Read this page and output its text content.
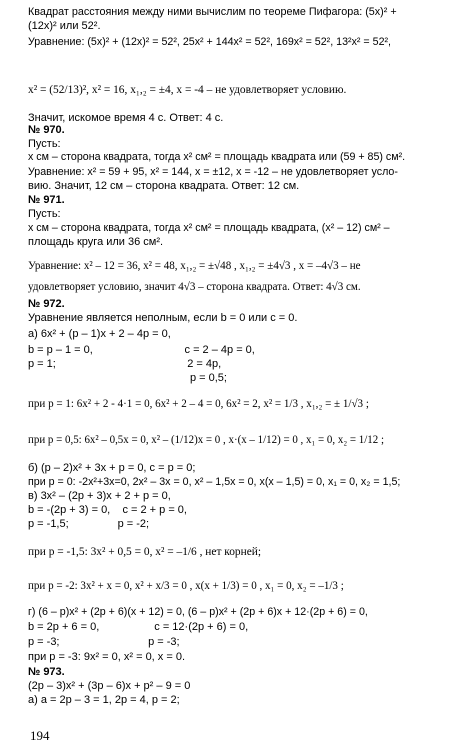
Квадрат расстояния между ними вычислим по теореме Пифагора: (5x)² +
(12x)² или 52².
Уравнение: (5x)² + (12x)² = 52², 25x² + 144x² = 52², 169x² = 52², 13²x² = 52²,
x² = (52/13)², x² = 16, x₁,₂ = ±4, x = -4 – не удовлетворяет условию.
Значит, искомое время 4 с. Ответ: 4 с.
№ 970.
Пусть:
x см – сторона квадрата, тогда x² см² = площадь квадрата или (59 + 85) см².
Уравнение: x² = 59 + 95, x² = 144, x = ±12, x = -12 – не удовлетворяет усло-
вию. Значит, 12 см – сторона квадрата. Ответ: 12 см.
№ 971.
Пусть:
x см – сторона квадрата, тогда x² см² = площадь квадрата, (x² – 12) см² –
площадь круга или 36 см².
Уравнение: x² – 12 = 36, x² = 48, x₁,₂ = ±√48 , x₁,₂ = ±4√3 , x = –4√3 – не
удовлетворяет условию, значит 4√3 – сторона квадрата. Ответ: 4√3 см.
№ 972.
Уравнение является неполным, если b = 0 или c = 0.
а) 6x² + (p – 1)x + 2 – 4p = 0,
b = p – 1 = 0,                              c = 2 – 4p = 0,
p = 1;                                           2 = 4p,
p = 0,5;
при p = 1: 6x² + 2 - 4·1 = 0, 6x² + 2 – 4 = 0, 6x² = 2, x² = 1/3 , x₁,₂ = ± 1/√3 ;
при p = 0,5: 6x² – 0,5x = 0, x² – (1/12)x = 0 , x·(x – 1/12) = 0 , x₁ = 0, x₂ = 1/12 ;
б) (p – 2)x² + 3x + p = 0, c = p = 0;
при p = 0: -2x²+3x=0, 2x² – 3x = 0, x² – 1,5x = 0, x(x – 1,5) = 0, x₁ = 0, x₂ = 1,5;
в) 3x² – (2p + 3)x + 2 + p = 0,
b = -(2p + 3) = 0,    c = 2 + p = 0,
p = -1,5;                p = -2;
при p = -1,5: 3x² + 0,5 = 0, x² = –1/6 , нет корней;
при p = -2: 3x² + x = 0, x² + x/3 = 0 , x(x + 1/3) = 0 , x₁ = 0, x₂ = –1/3 ;
г) (6 – p)x² + (2p + 6)(x + 12) = 0, (6 – p)x² + (2p + 6)x + 12·(2p + 6) = 0,
b = 2p + 6 = 0,                  c = 12·(2p + 6) = 0,
p = -3;                             p = -3;
при p = -3: 9x² = 0, x² = 0, x = 0.
№ 973.
(2p – 3)x² + (3p – 6)x + p² – 9 = 0
а) a = 2p – 3 = 1, 2p = 4, p = 2;
194
